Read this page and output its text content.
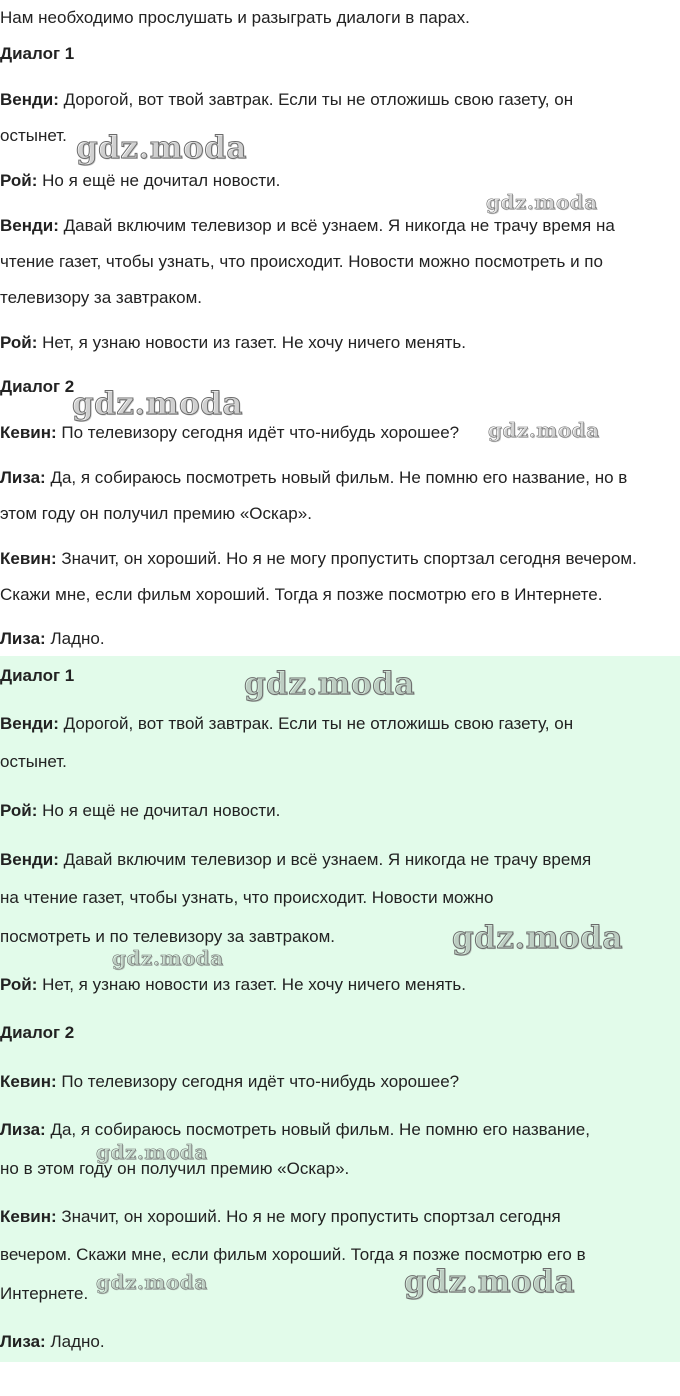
Нам необходимо прослушать и разыграть диалоги в парах.
Диалог 1
Венди: Дорогой, вот твой завтрак. Если ты не отложишь свою газету, он
остынет.
Рой: Но я ещё не дочитал новости.
Венди: Давай включим телевизор и всё узнаем. Я никогда не трачу время на
чтение газет, чтобы узнать, что происходит. Новости можно посмотреть и по
телевизору за завтраком.
Рой: Нет, я узнаю новости из газет. Не хочу ничего менять.
Диалог 2
Кевин: По телевизору сегодня идёт что-нибудь хорошее?
Лиза: Да, я собираюсь посмотреть новый фильм. Не помню его название, но в
этом году он получил премию «Оскар».
Кевин: Значит, он хороший. Но я не могу пропустить спортзал сегодня вечером.
Скажи мне, если фильм хороший. Тогда я позже посмотрю его в Интернете.
Лиза: Ладно.
gdz.moda
gdz.moda
gdz.moda
gdz.moda
Диалог 1
Венди: Дорогой, вот твой завтрак. Если ты не отложишь свою газету, он
остынет.
Рой: Но я ещё не дочитал новости.
Венди: Давай включим телевизор и всё узнаем. Я никогда не трачу время
на чтение газет, чтобы узнать, что происходит. Новости можно
посмотреть и по телевизору за завтраком.
Рой: Нет, я узнаю новости из газет. Не хочу ничего менять.
Диалог 2
Кевин: По телевизору сегодня идёт что-нибудь хорошее?
Лиза: Да, я собираюсь посмотреть новый фильм. Не помню его название,
но в этом году он получил премию «Оскар».
Кевин: Значит, он хороший. Но я не могу пропустить спортзал сегодня
вечером. Скажи мне, если фильм хороший. Тогда я позже посмотрю его в
Интернете.
Лиза: Ладно.
gdz.moda
gdz.moda
gdz.moda
gdz.moda
gdz.moda	gdz.moda
